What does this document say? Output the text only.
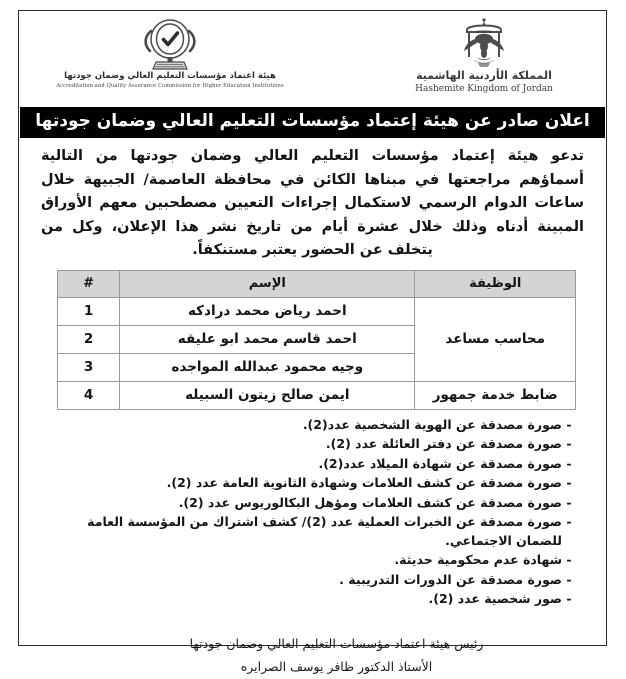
هيئة اعتماد مؤسسات التعليم العالي وضمان جودتها
Accreditation and Quality Assurance Commission for Higher Education Institutions
المملكة الأردنية الهاشمية
Hashemite Kingdom of Jordan
اعلان صادر عن هيئة إعتماد مؤسسات التعليم العالي وضمان جودتها
تدعو هيئة إعتماد مؤسسات التعليم العالي وضمان جودتها من التالية أسماؤهم مراجعتها في مبناها الكائن في محافظة العاصمة/ الجبيهة خلال ساعات الدوام الرسمي لاستكمال إجراءات التعيين مصطحبين معهم الأوراق المبينة أدناه وذلك خلال عشرة أيام من تاريخ نشر هذا الإعلان، وكل من يتخلف عن الحضور يعتبر مستنكفاً.
الوظيفة	الإسم	#
محاسب مساعد	احمد رياض محمد درادكه	1
	احمد قاسم محمد ابو عليقه	2
	وجيه محمود عبدالله المواجده	3
ضابط خدمة جمهور	ايمن صالح زيتون السبيله	4
-
صورة مصدقة عن الهوية الشخصية عدد(2).
-
صورة مصدقة عن دفتر العائلة عدد (2).
-
صورة مصدقة عن شهادة الميلاد عدد(2).
-
صورة مصدقة عن كشف العلامات وشهادة الثانوية العامة عدد (2).
-
صورة مصدقة عن كشف العلامات ومؤهل البكالوريوس عدد (2).
-
صورة مصدقة عن الخبرات العملية عدد (2)/ كشف اشتراك من المؤسسة العامة للضمان الاجتماعي.
-
شهادة عدم محكومية حديثة.
-
صورة مصدقة عن الدورات التدريبية .
-
صور شخصية عدد (2).
رئيس هيئة اعتماد مؤسسات التعليم العالي وضمان جودتها
الأستاذ الدكتور ظافر يوسف الصرايره
